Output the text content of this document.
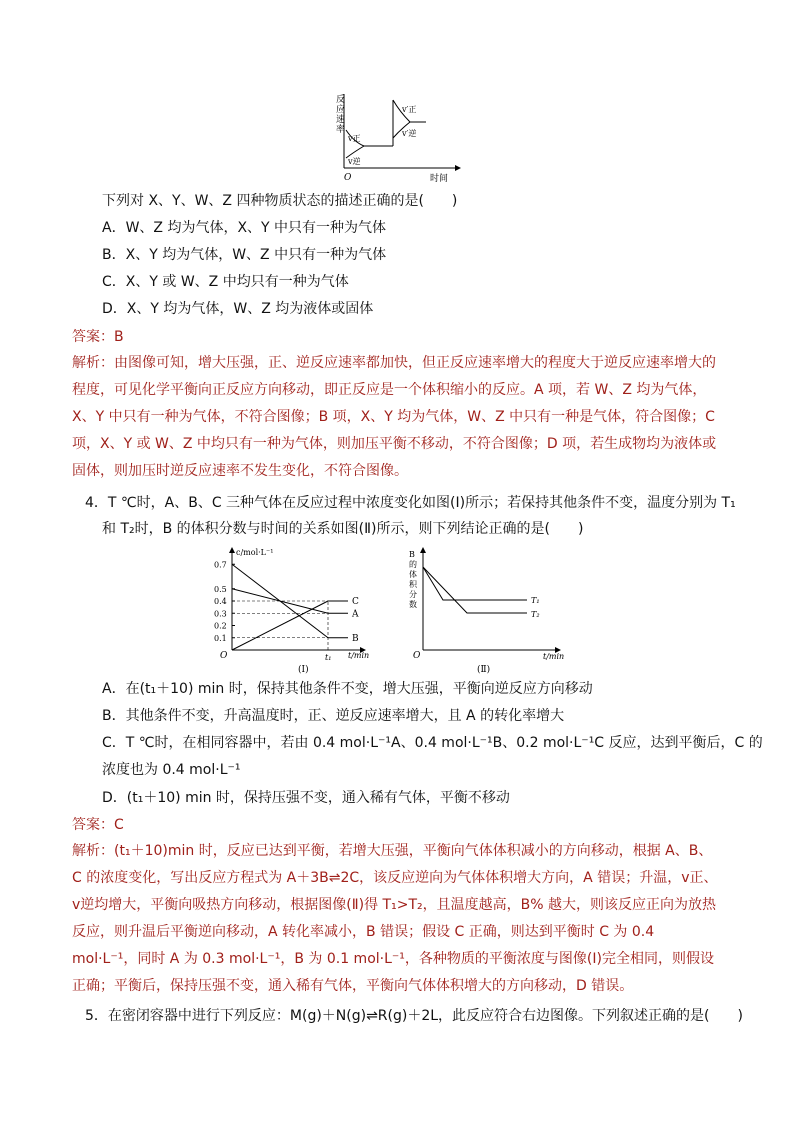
反
应
速
率
O	时间
v正
v逆
v′正
v′逆
下列对 X、Y、W、Z 四种物质状态的描述正确的是(　　)
A．W、Z 均为气体，X、Y 中只有一种为气体
B．X、Y 均为气体，W、Z 中只有一种为气体
C．X、Y 或 W、Z 中均只有一种为气体
D．X、Y 均为气体，W、Z 均为液体或固体
答案：B
解析：由图像可知，增大压强，正、逆反应速率都加快，但正反应速率增大的程度大于逆反应速率增大的程度，可见化学平衡向正反应方向移动，即正反应是一个体积缩小的反应。A 项，若 W、Z 均为气体，X、Y 中只有一种为气体，不符合图像；B 项，X、Y 均为气体，W、Z 中只有一种是气体，符合图像；C 项，X、Y 或 W、Z 中均只有一种为气体，则加压平衡不移动，不符合图像；D 项，若生成物均为液体或固体，则加压时逆反应速率不发生变化，不符合图像。
4．T ℃时，A、B、C 三种气体在反应过程中浓度变化如图(Ⅰ)所示；若保持其他条件不变，温度分别为 T₁
和 T₂时，B 的体积分数与时间的关系如图(Ⅱ)所示，则下列结论正确的是(　　)
c/mol·L⁻¹
t/min
O	t₁
(Ⅰ)
0.7
0.5
0.4
0.3
0.2
0.1
A
B
C
B
的
体
积
分
数
O	t/min
(Ⅱ)
T₁
T₂
A．在(t₁＋10) min 时，保持其他条件不变，增大压强，平衡向逆反应方向移动
B．其他条件不变，升高温度时，正、逆反应速率增大，且 A 的转化率增大
C．T ℃时，在相同容器中，若由 0.4 mol·L⁻¹A、0.4 mol·L⁻¹B、0.2 mol·L⁻¹C 反应，达到平衡后，C 的
浓度也为 0.4 mol·L⁻¹
D．(t₁＋10) min 时，保持压强不变，通入稀有气体，平衡不移动
答案：C
解析：(t₁＋10)min 时，反应已达到平衡，若增大压强，平衡向气体体积减小的方向移动，根据 A、B、C 的浓度变化，写出反应方程式为 A＋3B⇌2C，该反应逆向为气体体积增大方向，A 错误；升温，v正、v逆均增大，平衡向吸热方向移动，根据图像(Ⅱ)得 T₁>T₂，且温度越高，B% 越大，则该反应正向为放热反应，则升温后平衡逆向移动，A 转化率减小，B 错误；假设 C 正确，则达到平衡时 C 为 0.4 mol·L⁻¹，同时 A 为 0.3 mol·L⁻¹，B 为 0.1 mol·L⁻¹，各种物质的平衡浓度与图像(Ⅰ)完全相同，则假设正确；平衡后，保持压强不变，通入稀有气体，平衡向气体体积增大的方向移动，D 错误。
5．在密闭容器中进行下列反应：M(g)＋N(g)⇌R(g)＋2L，此反应符合右边图像。下列叙述正确的是(　　)
